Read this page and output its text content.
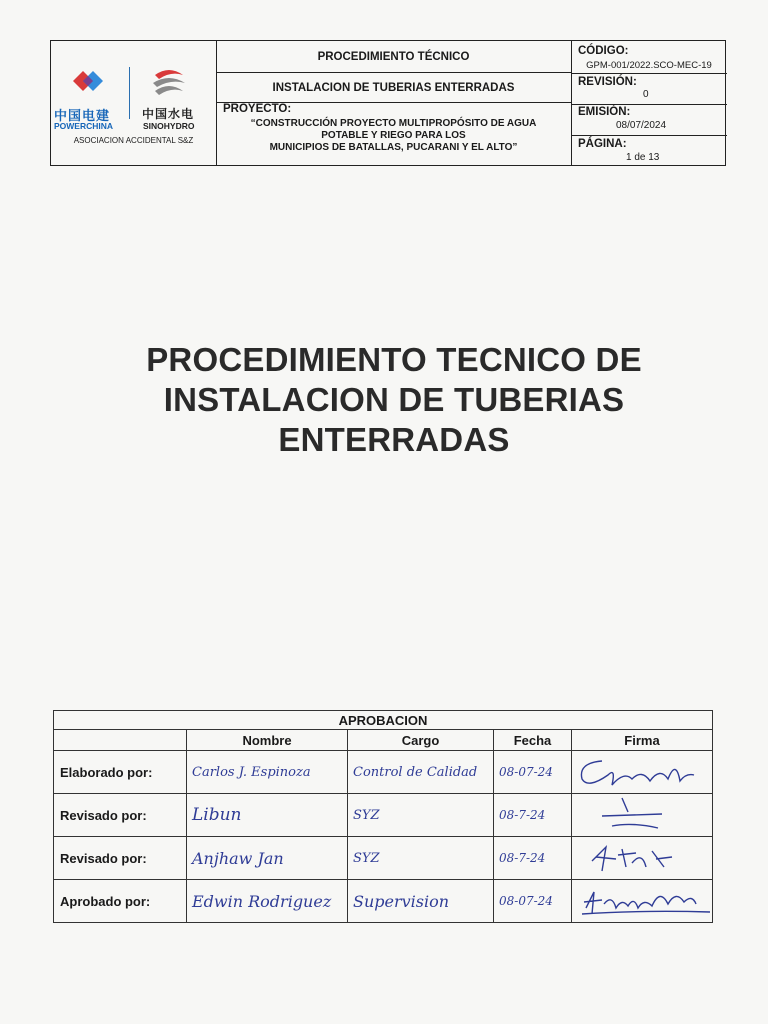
中国电建
POWERCHINA
中国水电
SINOHYDRO
ASOCIACION ACCIDENTAL S&Z
PROCEDIMIENTO TÉCNICO
INSTALACION DE TUBERIAS ENTERRADAS
PROYECTO:
“CONSTRUCCIÓN PROYECTO MULTIPROPÓSITO DE AGUA
POTABLE Y RIEGO PARA LOS
MUNICIPIOS DE BATALLAS, PUCARANI Y EL ALTO”
CÓDIGO:
GPM-001/2022.SCO-MEC-19
REVISIÓN:
0
EMISIÓN:
08/07/2024
PÁGINA:
1 de 13
PROCEDIMIENTO TECNICO DE
INSTALACION DE TUBERIAS
ENTERRADAS
APROBACION				
	Nombre	Cargo	Fecha	Firma
Elaborado por:	Carlos J. Espinoza	Control de Calidad	08-07-24	

Revisado por:	Libun	SYZ	08-7-24	

Revisado por:	Anjhaw Jan	SYZ	08-7-24	

Aprobado por:	Edwin Rodriguez	Supervision	08-07-24	
